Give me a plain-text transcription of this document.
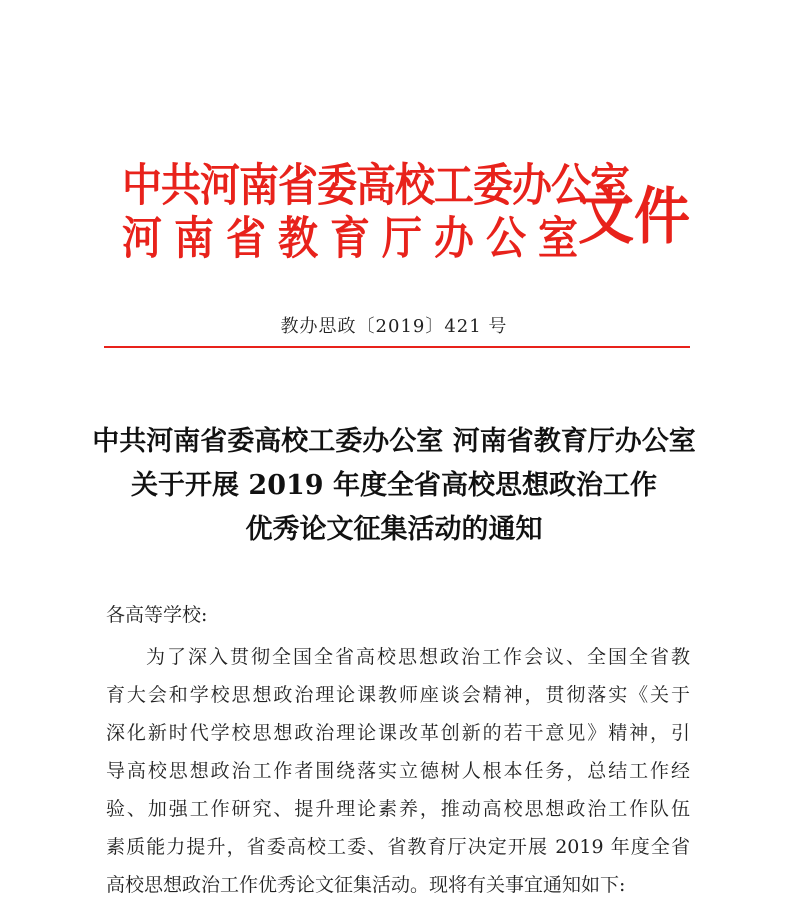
中共河南省委高校工委办公室
河南省教育厅办公室
文件
教办思政〔2019〕421 号
中共河南省委高校工委办公室 河南省教育厅办公室
关于开展 2019 年度全省高校思想政治工作
优秀论文征集活动的通知
各高等学校:
为了深入贯彻全国全省高校思想政治工作会议、全国全省教
育大会和学校思想政治理论课教师座谈会精神，贯彻落实《关于
深化新时代学校思想政治理论课改革创新的若干意见》精神，引
导高校思想政治工作者围绕落实立德树人根本任务，总结工作经
验、加强工作研究、提升理论素养，推动高校思想政治工作队伍
素质能力提升，省委高校工委、省教育厅决定开展 2019 年度全省
高校思想政治工作优秀论文征集活动。现将有关事宜通知如下:
